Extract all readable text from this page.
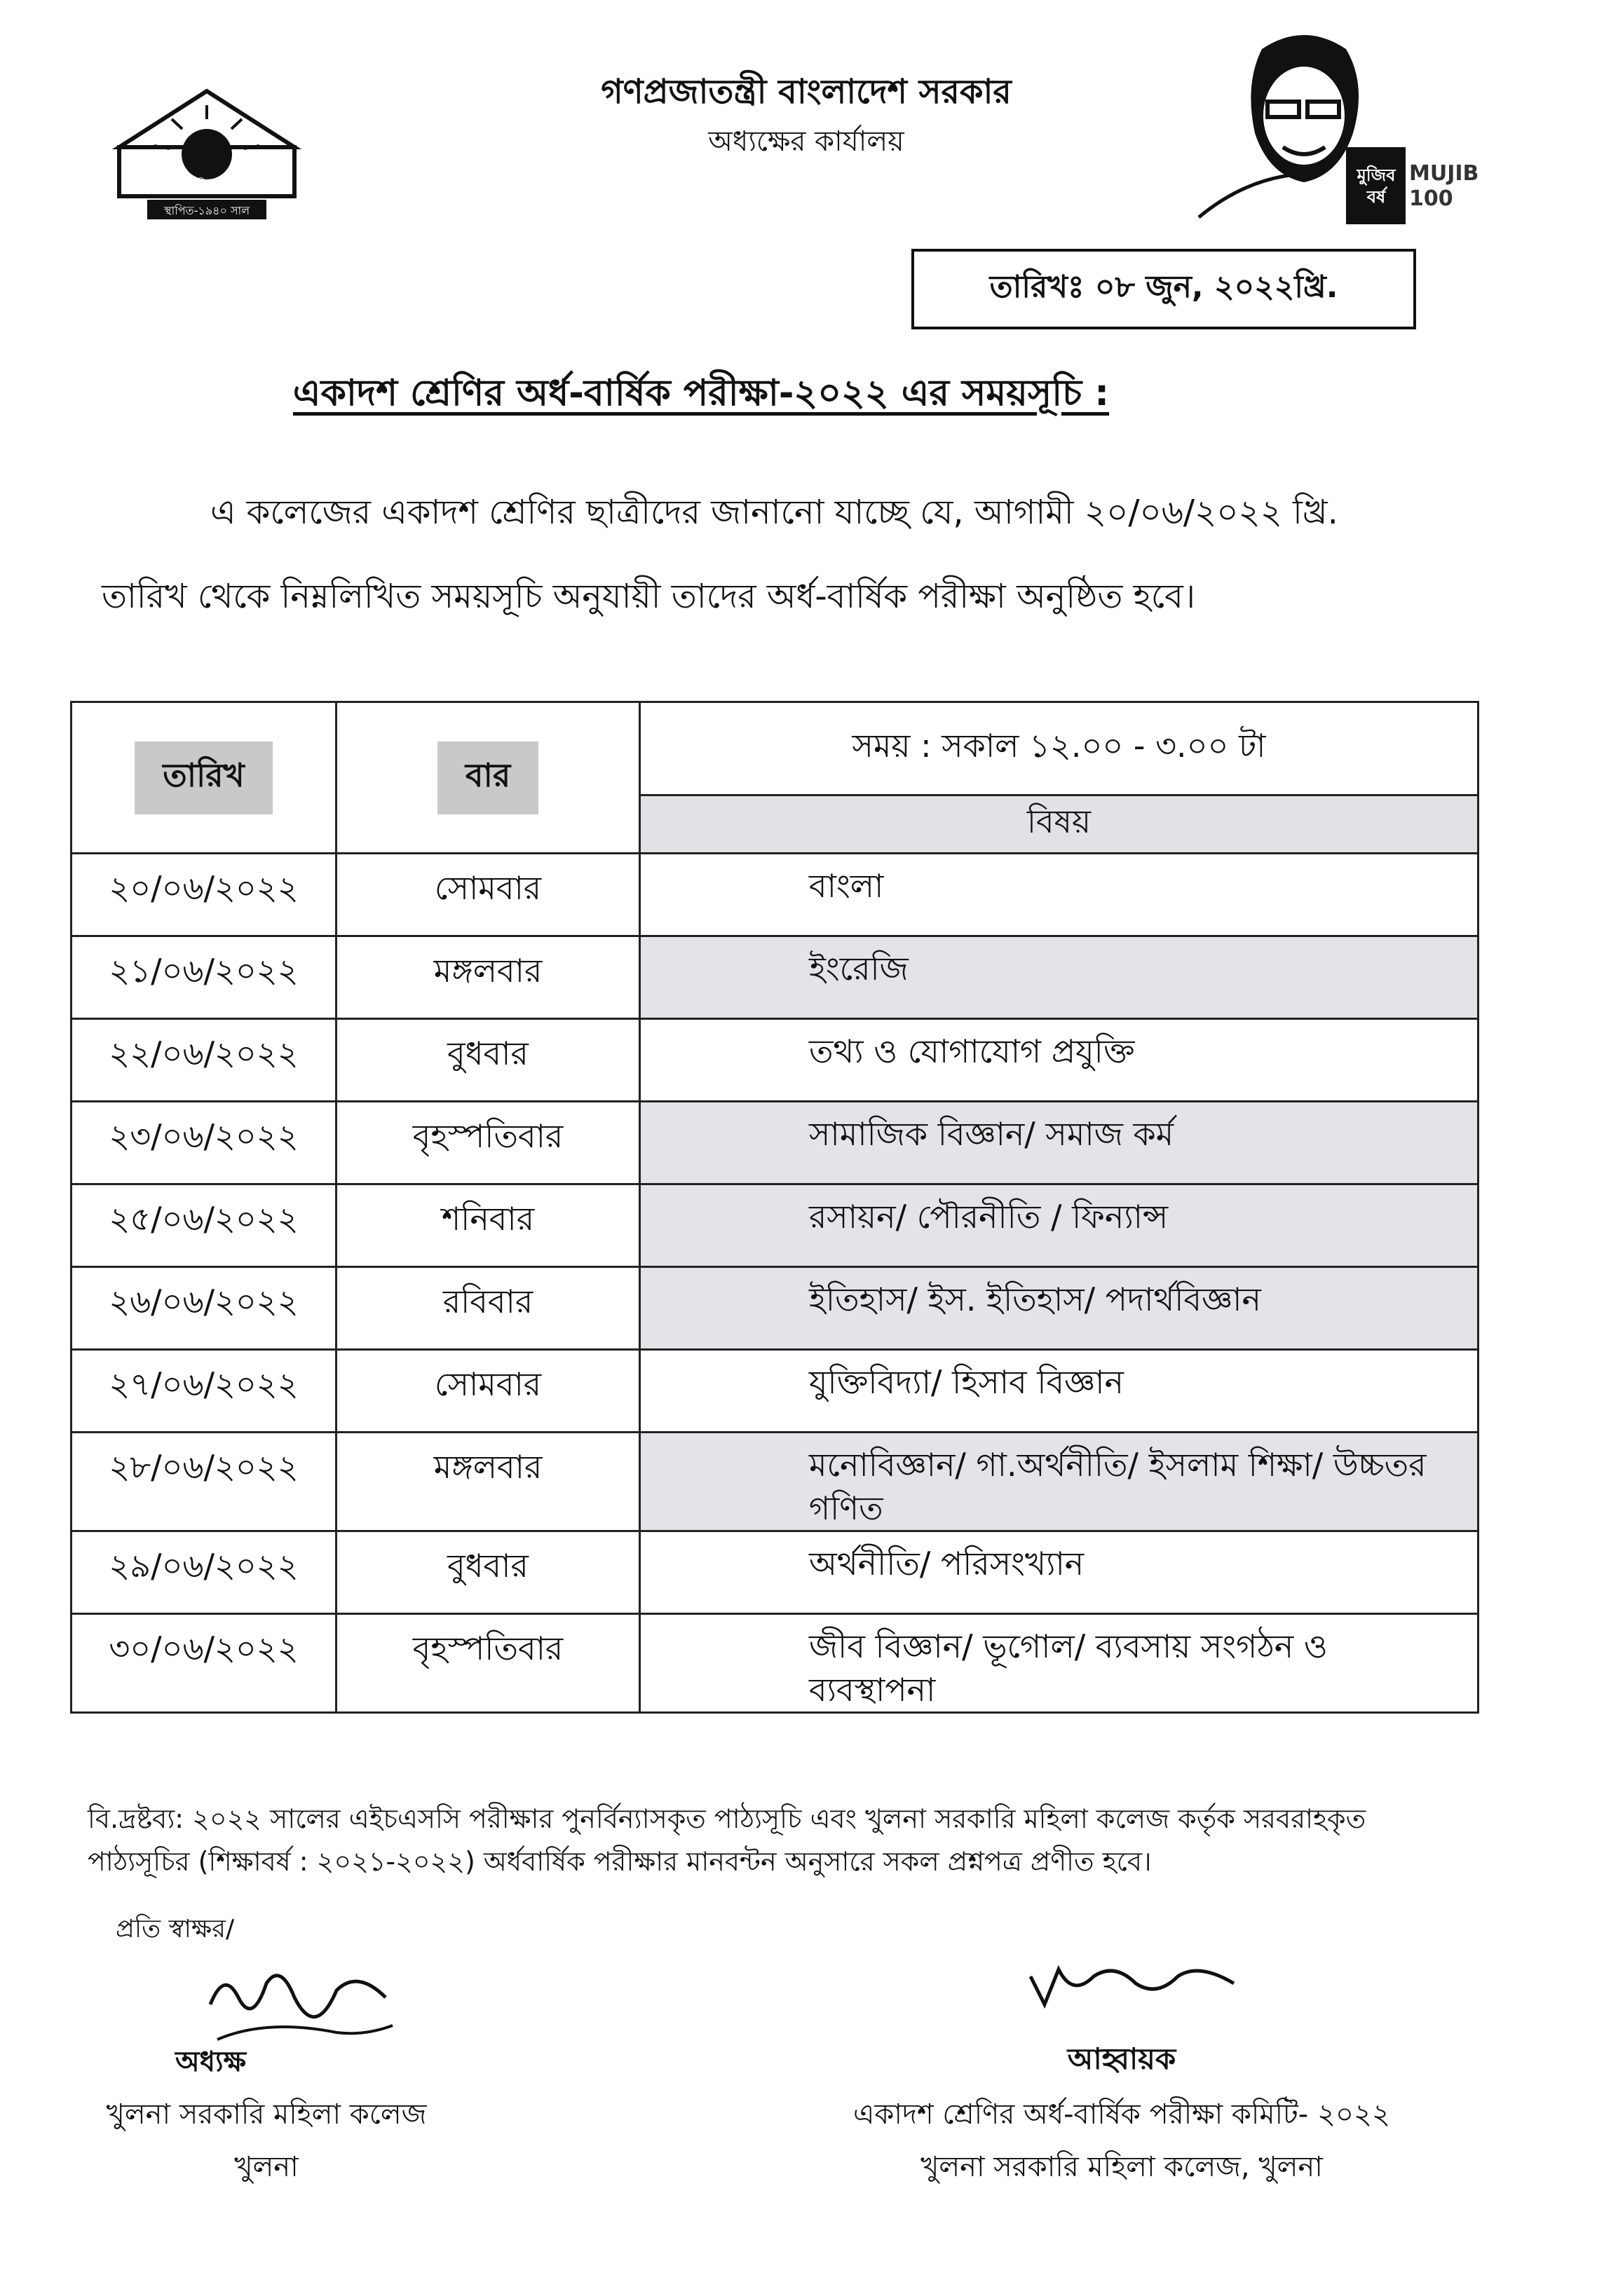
খুলনা সরকারি মহিলা কলেজ
স্থাপিত-১৯৪০ সাল
গণপ্রজাতন্ত্রী বাংলাদেশ সরকার
অধ্যক্ষের কার্যালয়
মুজিব বর্ষ
MUJIB 100
তারিখঃ ০৮ জুন, ২০২২খ্রি.
একাদশ শ্রেণির অর্ধ-বার্ষিক পরীক্ষা-২০২২ এর সময়সূচি :
এ কলেজের একাদশ শ্রেণির ছাত্রীদের জানানো যাচ্ছে যে, আগামী ২০/০৬/২০২২ খ্রি.
তারিখ থেকে নিম্নলিখিত সময়সূচি অনুযায়ী তাদের অর্ধ-বার্ষিক পরীক্ষা অনুষ্ঠিত হবে।
তারিখ	বার	সময় : সকাল ১২.০০ - ৩.০০ টা
		বিষয়
২০/০৬/২০২২	সোমবার	বাংলা
২১/০৬/২০২২	মঙ্গলবার	ইংরেজি
২২/০৬/২০২২	বুধবার	তথ্য ও যোগাযোগ প্রযুক্তি
২৩/০৬/২০২২	বৃহস্পতিবার	সামাজিক বিজ্ঞান/ সমাজ কর্ম
২৫/০৬/২০২২	শনিবার	রসায়ন/ পৌরনীতি / ফিন্যান্স
২৬/০৬/২০২২	রবিবার	ইতিহাস/ ইস. ইতিহাস/ পদার্থবিজ্ঞান
২৭/০৬/২০২২	সোমবার	যুক্তিবিদ্যা/ হিসাব বিজ্ঞান
২৮/০৬/২০২২	মঙ্গলবার	মনোবিজ্ঞান/ গা.অর্থনীতি/ ইসলাম শিক্ষা/ উচ্চতর গণিত
২৯/০৬/২০২২	বুধবার	অর্থনীতি/ পরিসংখ্যান
৩০/০৬/২০২২	বৃহস্পতিবার	জীব বিজ্ঞান/ ভূগোল/ ব্যবসায় সংগঠন ও ব্যবস্থাপনা
বি.দ্রষ্টব্য: ২০২২ সালের এইচএসসি পরীক্ষার পুনর্বিন্যাসকৃত পাঠ্যসূচি এবং খুলনা সরকারি মহিলা কলেজ কর্তৃক সরবরাহকৃত পাঠ্যসূচির (শিক্ষাবর্ষ : ২০২১-২০২২) অর্ধবার্ষিক পরীক্ষার মানবন্টন অনুসারে সকল প্রশ্নপত্র প্রণীত হবে।
প্রতি স্বাক্ষর/
অধ্যক্ষ
খুলনা সরকারি মহিলা কলেজ
খুলনা
আহ্বায়ক
একাদশ শ্রেণির অর্ধ-বার্ষিক পরীক্ষা কমিটি- ২০২২
খুলনা সরকারি মহিলা কলেজ, খুলনা
